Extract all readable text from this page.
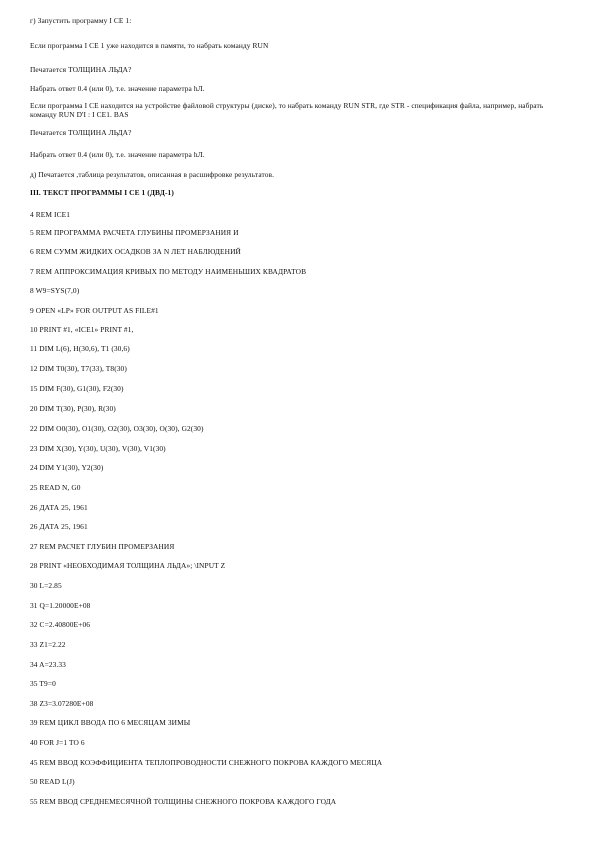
г) Запустить программу I CE 1:
Если программа I CE 1 уже находится в памяти, то набрать команду RUN
Печатается ТОЛЩИНА ЛЬДА?
Набрать ответ 0.4 (или 0), т.е. значение параметра hЛ.
Если программа I CE находится на устройстве файловой структуры (диске), то набрать команду RUN STR, где STR - спецификация файла, например, набрать команду RUN D'I : I CE1. BAS
Печатается ТОЛЩИНА ЛЬДА?
Набрать ответ 0.4 (или 0), т.е. значение параметра hЛ.
д) Печатается ,таблица результатов, описанная в расшифровке результатов.
III. ТЕКСТ ПРОГРАММЫ I CE 1 (ДВД-1)
4 REM ICE1
5 REM ПРОГРАММА РАСЧЕТА ГЛУБИНЫ ПРОМЕРЗАНИЯ И
6 REM СУММ ЖИДКИХ ОСАДКОВ ЗА N ЛЕТ НАБЛЮДЕНИЙ
7 REM АППРОКСИМАЦИЯ КРИВЫХ ПО МЕТОДУ НАИМЕНЬШИХ КВАДРАТОВ
8 W9=SYS(7,0)
9 OPEN «LP» FOR OUTPUT AS FILE#1
10 PRINT #1, «ICE1» PRINT #1,
11 DIM L(6), H(30,6), T1 (30,6)
12 DIM T0(30), T7(33), T8(30)
15 DIM F(30), G1(30), F2(30)
20 DIM T(30), P(30), R(30)
22 DIM O0(30), O1(30), O2(30), O3(30), O(30), G2(30)
23 DIM X(30), Y(30), U(30), V(30), V1(30)
24 DIM Y1(30), Y2(30)
25 READ N, G0
26 ДАТА 25, 1961
26 ДАТА 25, 1961
27 REM РАСЧЕТ ГЛУБИН ПРОМЕРЗАНИЯ
28 PRINT «НЕОБХОДИМАЯ ТОЛЩИНА ЛЬДА»; \INPUT Z
30 L=2.85
31 Q=1.20000E+08
32 C=2.40800E+06
33 Z1=2.22
34 A=23.33
35 T9=0
38 Z3=3.07280E+08
39 REM ЦИКЛ ВВОДА ПО 6 МЕСЯЦАМ ЗИМЫ
40 FOR J=1 TO 6
45 REM ВВОД КОЭФФИЦИЕНТА ТЕПЛОПРОВОДНОСТИ СНЕЖНОГО ПОКРОВА КАЖДОГО МЕСЯЦА
50 READ L(J)
55 REM ВВОД СРЕДНЕМЕСЯЧНОЙ ТОЛЩИНЫ СНЕЖНОГО ПОКРОВА КАЖДОГО ГОДА
